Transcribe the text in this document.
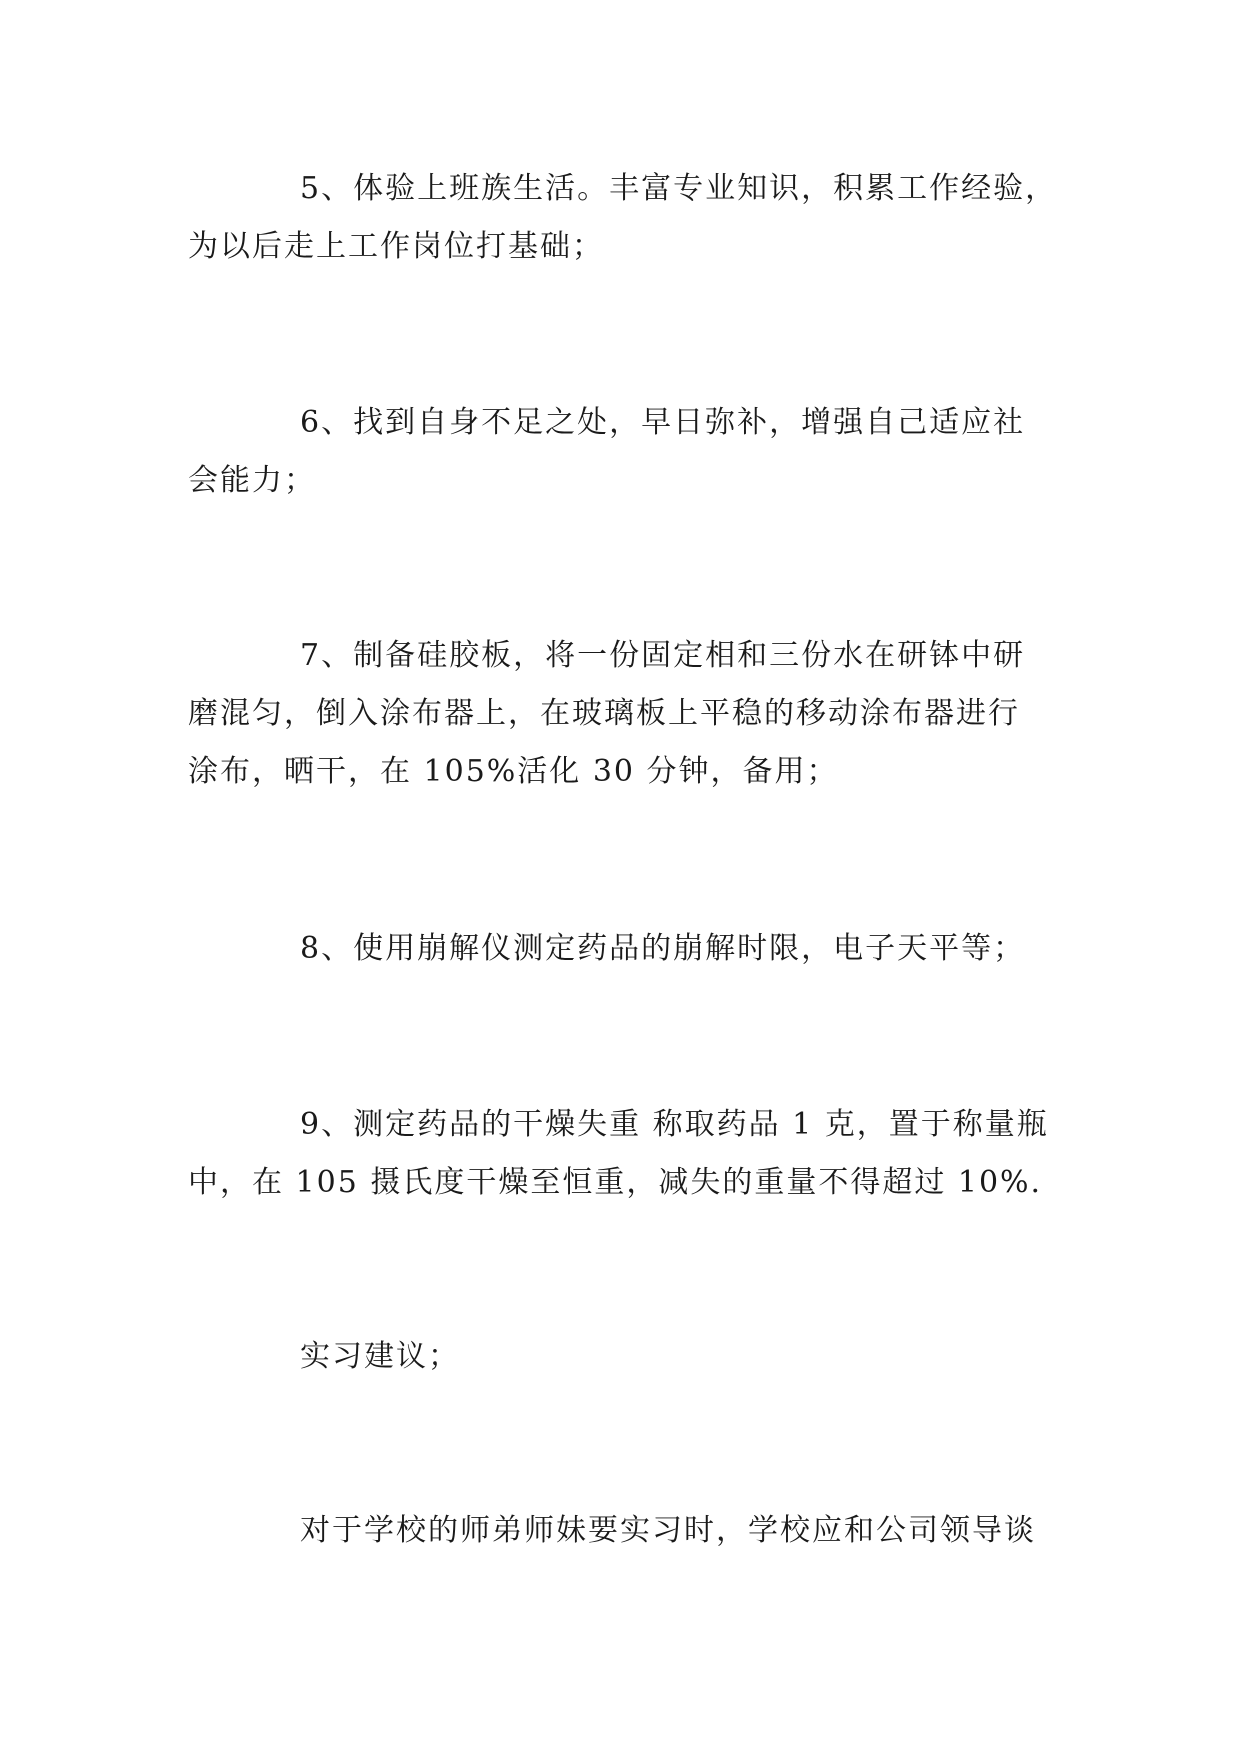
5、体验上班族生活。丰富专业知识，积累工作经验，
为以后走上工作岗位打基础；
6、找到自身不足之处，早日弥补，增强自己适应社
会能力；
7、制备硅胶板，将一份固定相和三份水在研钵中研
磨混匀，倒入涂布器上，在玻璃板上平稳的移动涂布器进行
涂布，晒干，在 105%活化 30 分钟，备用；
8、使用崩解仪测定药品的崩解时限，电子天平等；
9、测定药品的干燥失重 称取药品 1 克，置于称量瓶
中，在 105 摄氏度干燥至恒重，减失的重量不得超过 10%.
实习建议；
对于学校的师弟师妹要实习时，学校应和公司领导谈
